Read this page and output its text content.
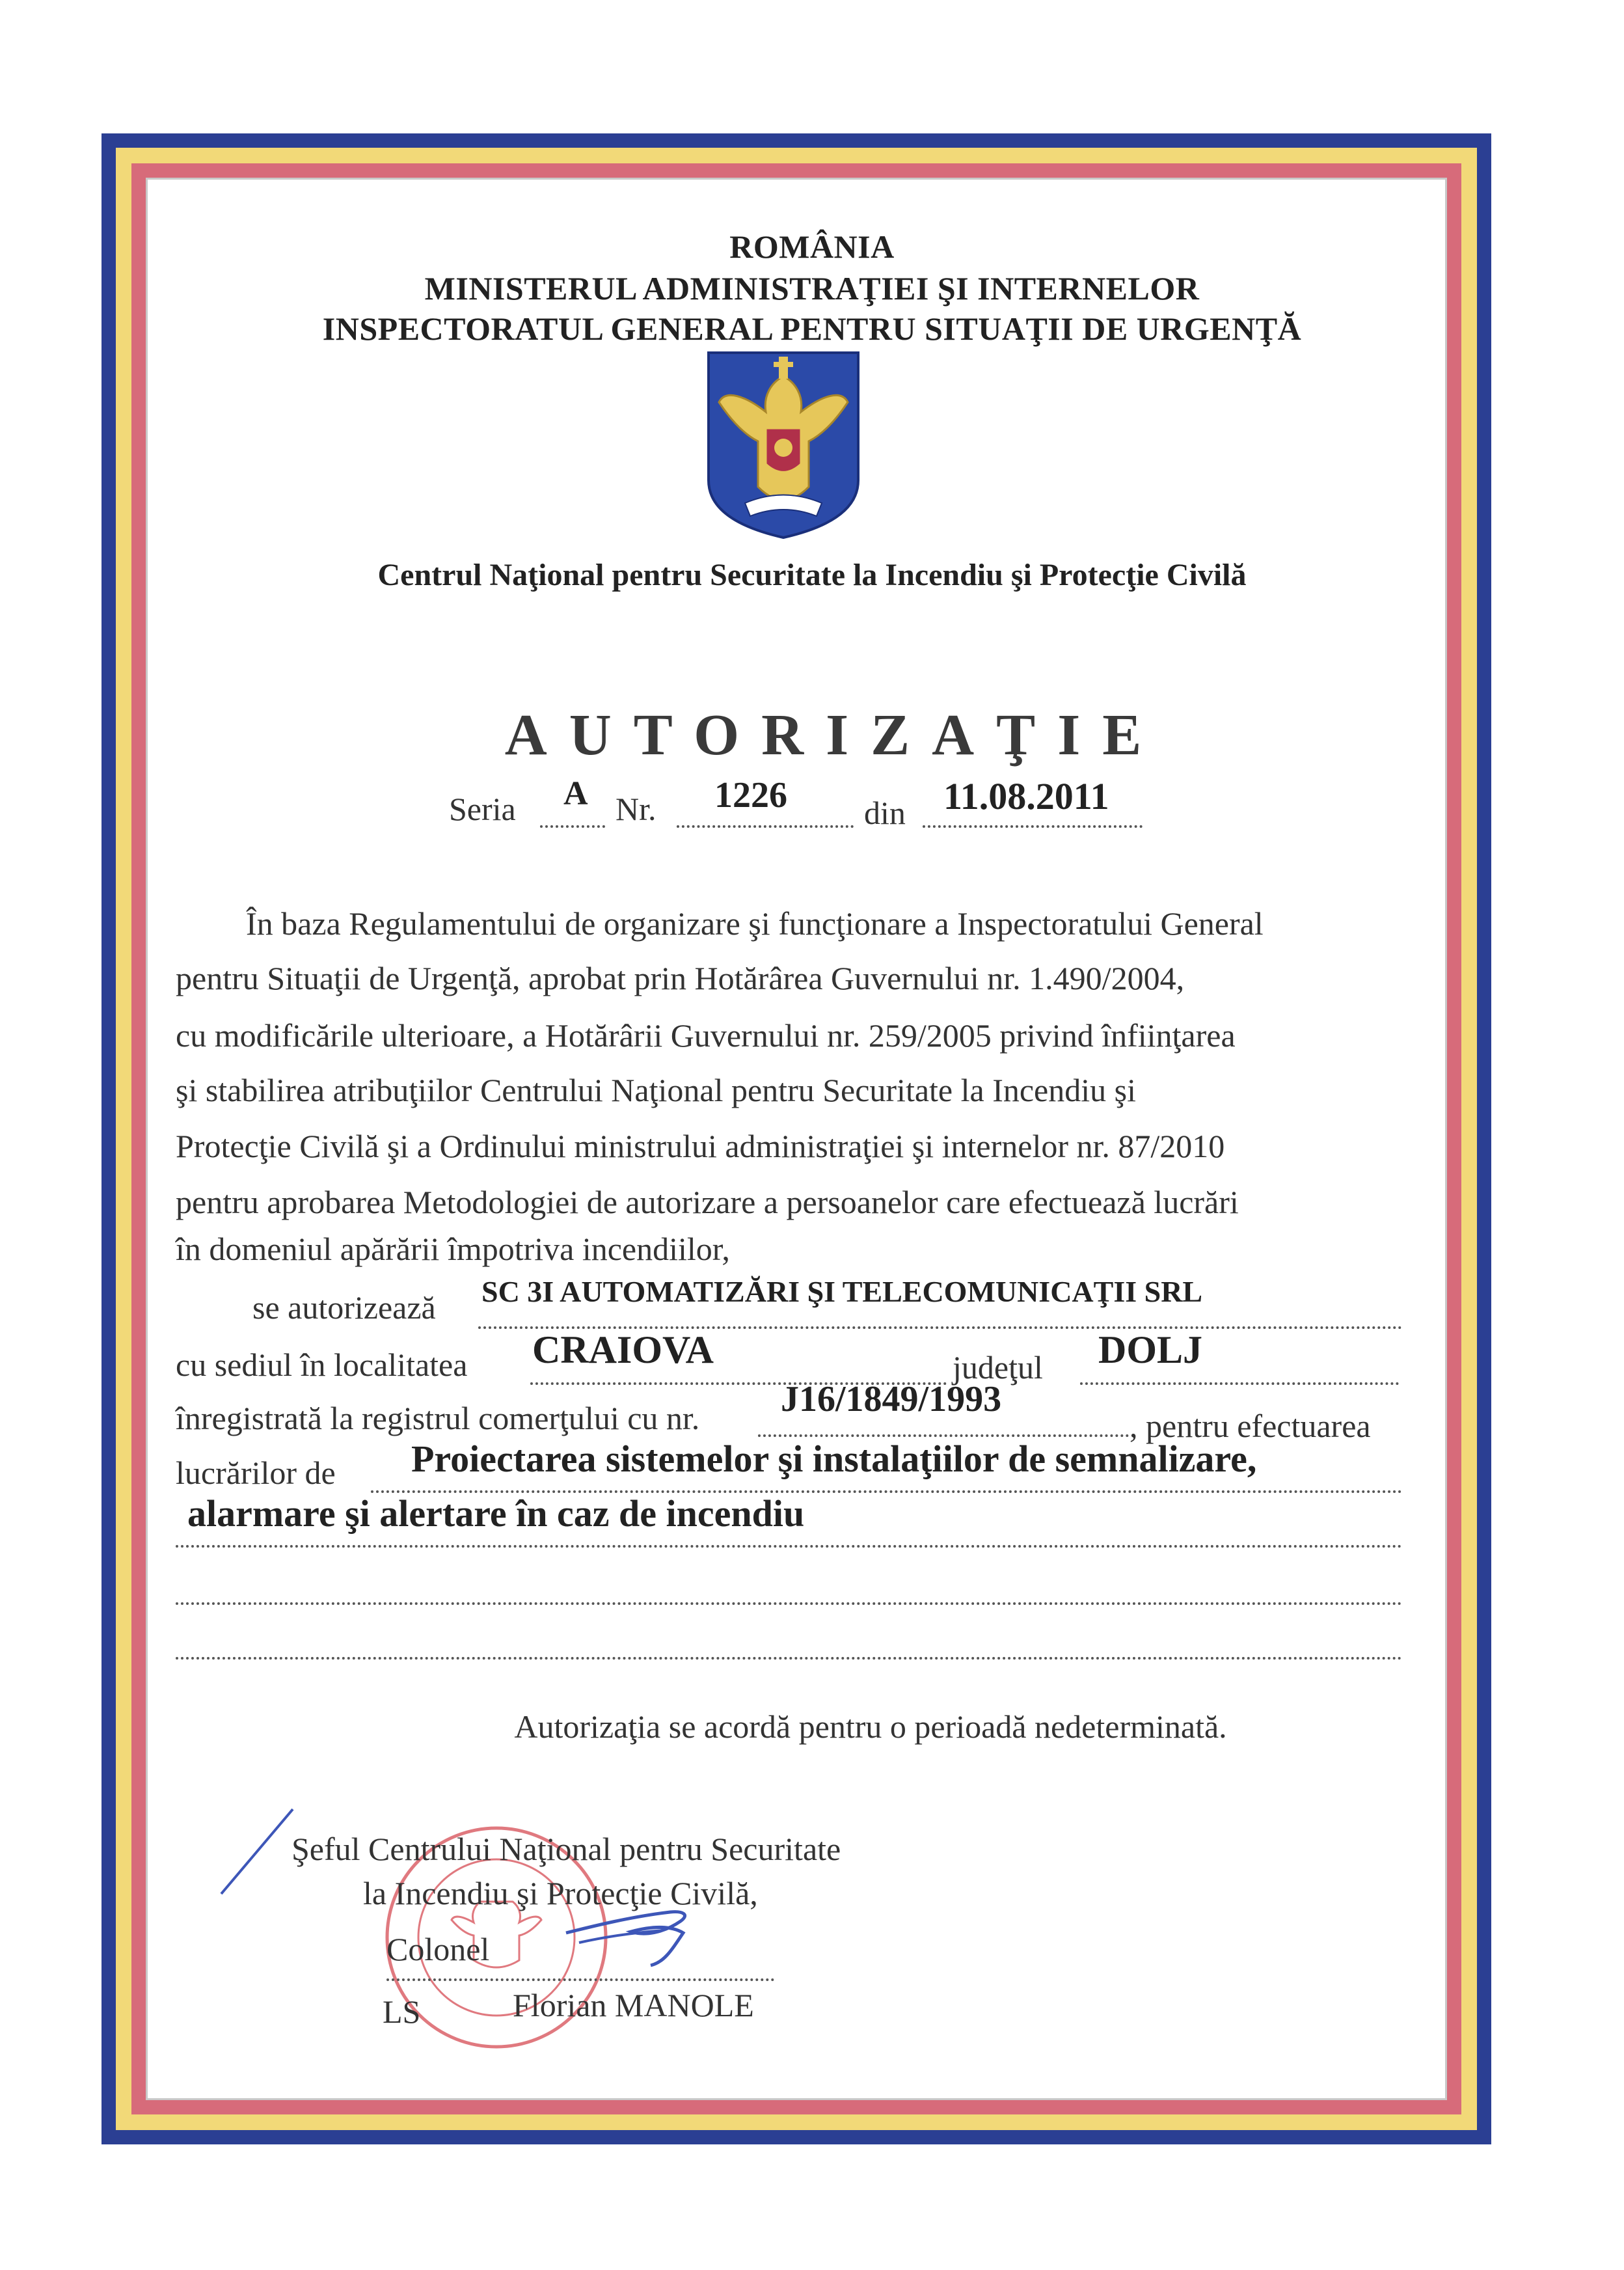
ROMÂNIA
MINISTERUL ADMINISTRAŢIEI ŞI INTERNELOR
INSPECTORATUL GENERAL PENTRU SITUAŢII DE URGENŢĂ
Centrul Naţional pentru Securitate la Incendiu şi Protecţie Civilă
AUTORIZAŢIE
Seria A Nr. 1226 din 11.08.2011
În baza Regulamentului de organizare şi funcţionare a Inspectoratului General
pentru Situaţii de Urgenţă, aprobat prin Hotărârea Guvernului nr. 1.490/2004,
cu modificările ulterioare, a Hotărârii Guvernului nr. 259/2005 privind înfiinţarea
şi stabilirea atribuţiilor Centrului Naţional pentru Securitate la Incendiu şi
Protecţie Civilă şi a Ordinului ministrului administraţiei şi internelor nr. 87/2010
pentru aprobarea Metodologiei de autorizare a persoanelor care efectuează lucrări
în domeniul apărării împotriva incendiilor,
se autorizează SC 3I AUTOMATIZĂRI ŞI TELECOMUNICAŢII SRL
cu sediul în localitatea CRAIOVA	judeţul DOLJ
înregistrată la registrul comerţului cu nr. J16/1849/1993
, pentru efectuarea
lucrărilor de Proiectarea sistemelor şi instalaţiilor de semnalizare,
alarmare şi alertare în caz de incendiu
Autorizaţia se acordă pentru o perioadă nedeterminată.
Şeful Centrului Naţional pentru Securitate
la Incendiu şi Protecţie Civilă,
Colonel
LS	Florian MANOLE
